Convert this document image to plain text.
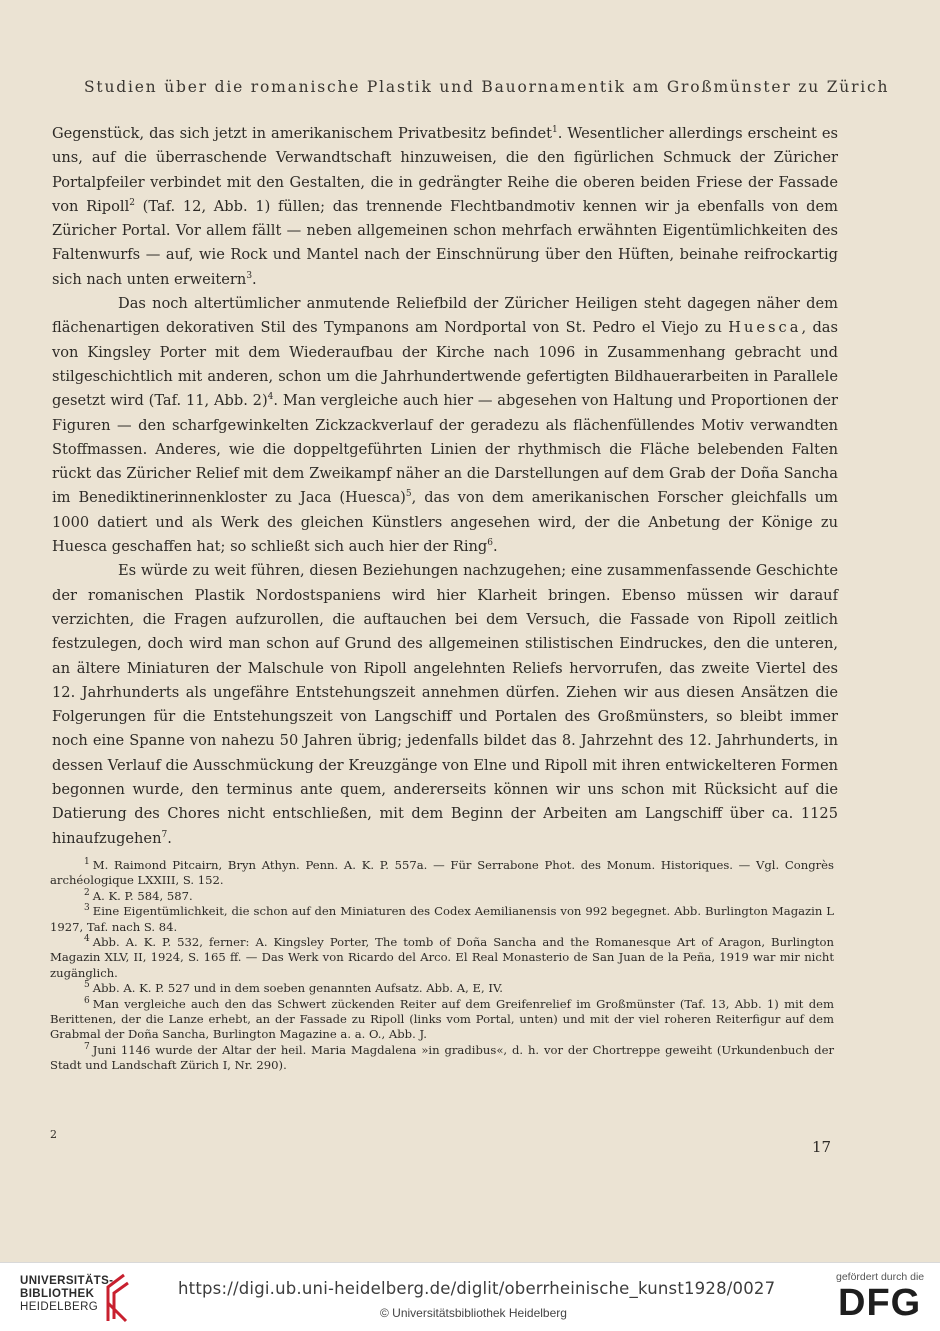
Studien über die romanische Plastik und Bauornamentik am Großmünster zu Zürich

Gegenstück, das sich jetzt in amerikanischem Privatbesitz befindet$^1$. Wesentlicher allerdings erscheint es uns, auf die überraschende Verwandtschaft hinzuweisen, die den figürlichen Schmuck der Züricher Portalpfeiler verbindet mit den Gestalten, die in gedrängter Reihe die oberen beiden Friese der Fassade von Ripoll$^2$ (Taf. 12, Abb. 1) füllen; das trennende Flechtbandmotiv kennen wir ja ebenfalls von dem Züricher Portal. Vor allem fällt — neben allgemeinen schon mehrfach erwähnten Eigentümlichkeiten des Faltenwurfs — auf, wie Rock und Mantel nach der Einschnürung über den Hüften, beinahe reifrockartig sich nach unten erweitern$^3$.

Das noch altertümlicher anmutende Reliefbild der Züricher Heiligen steht dagegen näher dem flächenartigen dekorativen Stil des Tympanons am Nordportal von St. Pedro el Viejo zu Huesca, das von Kingsley Porter mit dem Wiederaufbau der Kirche nach 1096 in Zusammenhang gebracht und stilgeschichtlich mit anderen, schon um die Jahrhundertwende gefertigten Bildhauerarbeiten in Parallele gesetzt wird (Taf. 11, Abb. 2)$^4$. Man vergleiche auch hier — abgesehen von Haltung und Proportionen der Figuren — den scharfgewinkelten Zickzackverlauf der geradezu als flächenfüllendes Motiv verwandten Stoffmassen. Anderes, wie die doppeltgeführten Linien der rhythmisch die Fläche belebenden Falten rückt das Züricher Relief mit dem Zweikampf näher an die Darstellungen auf dem Grab der Doña Sancha im Benediktinerinnenkloster zu Jaca (Huesca)$^5$, das von dem amerikanischen Forscher gleichfalls um 1000 datiert und als Werk des gleichen Künstlers angesehen wird, der die Anbetung der Könige zu Huesca geschaffen hat; so schließt sich auch hier der Ring$^6$.

Es würde zu weit führen, diesen Beziehungen nachzugehen; eine zusammenfassende Geschichte der romanischen Plastik Nordostspaniens wird hier Klarheit bringen. Ebenso müssen wir darauf verzichten, die Fragen aufzurollen, die auftauchen bei dem Versuch, die Fassade von Ripoll zeitlich festzulegen, doch wird man schon auf Grund des allgemeinen stilistischen Eindruckes, den die unteren, an ältere Miniaturen der Malschule von Ripoll angelehnten Reliefs hervorrufen, das zweite Viertel des 12. Jahrhunderts als ungefähre Entstehungszeit annehmen dürfen. Ziehen wir aus diesen Ansätzen die Folgerungen für die Entstehungszeit von Langschiff und Portalen des Großmünsters, so bleibt immer noch eine Spanne von nahezu 50 Jahren übrig; jedenfalls bildet das 8. Jahrzehnt des 12. Jahrhunderts, in dessen Verlauf die Ausschmückung der Kreuzgänge von Elne und Ripoll mit ihren entwickelteren Formen begonnen wurde, den terminus ante quem, andererseits können wir uns schon mit Rücksicht auf die Datierung des Chores nicht entschließen, mit dem Beginn der Arbeiten am Langschiff über ca. 1125 hinaufzugehen$^7$.

$^1$ M. Raimond Pitcairn, Bryn Athyn. Penn. A. K. P. 557a. — Für Serrabone Phot. des Monum. Historiques. — Vgl. Congrès archéologique LXXIII, S. 152.

$^2$ A. K. P. 584, 587.

$^3$ Eine Eigentümlichkeit, die schon auf den Miniaturen des Codex Aemilianensis von 992 begegnet. Abb. Burlington Magazin L 1927, Taf. nach S. 84.

$^4$ Abb. A. K. P. 532, ferner: A. Kingsley Porter, The tomb of Doña Sancha and the Romanesque Art of Aragon, Burlington Magazin XLV, II, 1924, S. 165 ff. — Das Werk von Ricardo del Arco. El Real Monasterio de San Juan de la Peña, 1919 war mir nicht zugänglich.

$^5$ Abb. A. K. P. 527 und in dem soeben genannten Aufsatz. Abb. A, E, IV.

$^6$ Man vergleiche auch den das Schwert zückenden Reiter auf dem Greifenrelief im Großmünster (Taf. 13, Abb. 1) mit dem Berittenen, der die Lanze erhebt, an der Fassade zu Ripoll (links vom Portal, unten) und mit der viel roheren Reiterfigur auf dem Grabmal der Doña Sancha, Burlington Magazine a. a. O., Abb. J.

$^7$ Juni 1146 wurde der Altar der heil. Maria Magdalena »in gradibus«, d. h. vor der Chortreppe geweiht (Urkundenbuch der Stadt und Landschaft Zürich I, Nr. 290).

2
17
UNIVERSITÄTS-
BIBLIOTHEK
HEIDELBERG
https://digi.ub.uni-heidelberg.de/diglit/oberrheinische_kunst1928/0027
© Universitätsbibliothek Heidelberg
gefördert durch die
DFG
